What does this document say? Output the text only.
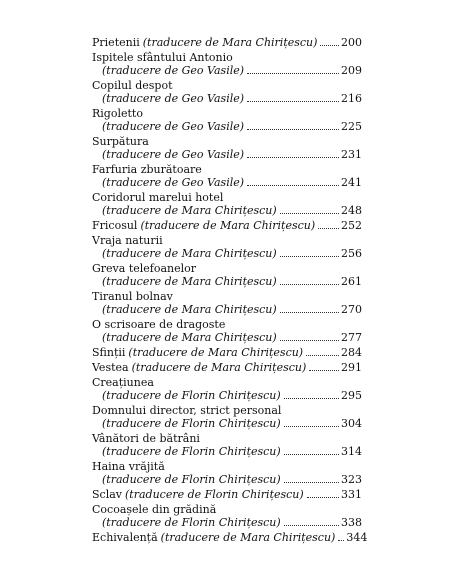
Prietenii (traducere de Mara Chirițescu) 200
Ispitele sfântului Antonio
(traducere de Geo Vasile)	209
Copilul despot
(traducere de Geo Vasile)	216
Rigoletto
(traducere de Geo Vasile)	225
Surpătura
(traducere de Geo Vasile)	231
Farfuria zburătoare
(traducere de Geo Vasile)	241
Coridorul marelui hotel
(traducere de Mara Chirițescu)	248
Fricosul (traducere de Mara Chirițescu) 252
Vraja naturii
(traducere de Mara Chirițescu)	256
Greva telefoanelor
(traducere de Mara Chirițescu)	261
Tiranul bolnav
(traducere de Mara Chirițescu)	270
O scrisoare de dragoste
(traducere de Mara Chirițescu)	277
Sfinții (traducere de Mara Chirițescu)	284
Vestea (traducere de Mara Chirițescu)	291
Creațiunea
(traducere de Florin Chirițescu)	295
Domnului director, strict personal
(traducere de Florin Chirițescu)	304
Vânători de bătrâni
(traducere de Florin Chirițescu)	314
Haina vrăjită
(traducere de Florin Chirițescu)	323
Sclav (traducere de Florin Chirițescu)	331
Cocoașele din grădină
(traducere de Florin Chirițescu)	338
Echivalență (traducere de Mara Chirițescu) 344
